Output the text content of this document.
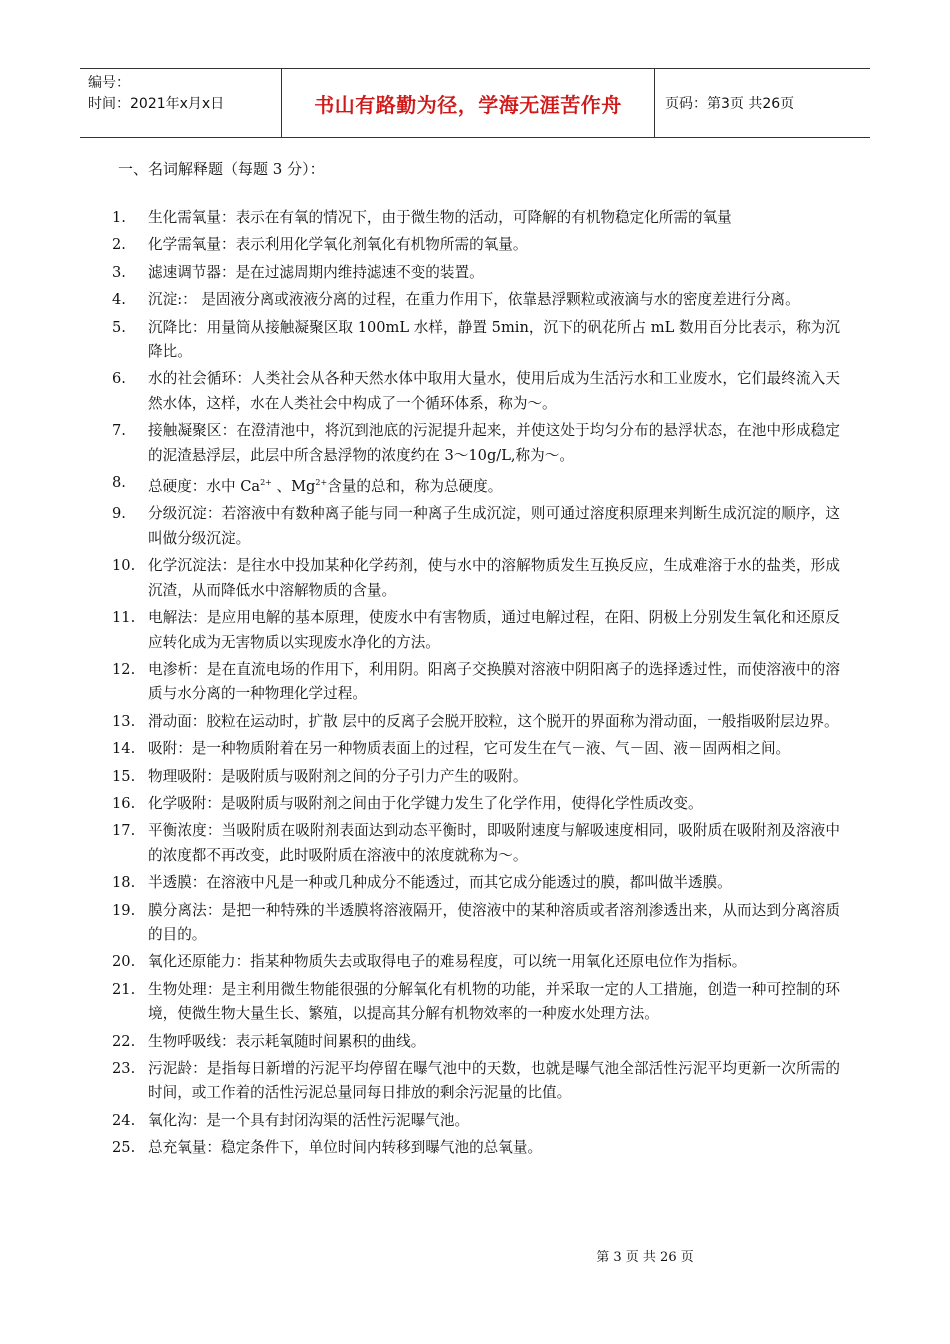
编号：
时间：2021年x月x日	书山有路勤为径，学海无涯苦作舟	页码：第3页 共26页
一、名词解释题（每题 3 分）：
1.	生化需氧量：表示在有氧的情况下，由于微生物的活动，可降解的有机物稳定化所需的氧量
2.	化学需氧量：表示利用化学氧化剂氧化有机物所需的氧量。
3.	滤速调节器：是在过滤周期内维持滤速不变的装置。
4.	沉淀:： 是固液分离或液液分离的过程，在重力作用下，依靠悬浮颗粒或液滴与水的密度差进行分离。
5.	沉降比：用量筒从接触凝聚区取 100mL 水样，静置 5min，沉下的矾花所占 mL 数用百分比表示，称为沉降比。
6.	水的社会循环：人类社会从各种天然水体中取用大量水，使用后成为生活污水和工业废水，它们最终流入天然水体，这样，水在人类社会中构成了一个循环体系，称为～。
7.	接触凝聚区：在澄清池中，将沉到池底的污泥提升起来，并使这处于均匀分布的悬浮状态，在池中形成稳定的泥渣悬浮层，此层中所含悬浮物的浓度约在 3～10g/L,称为～。
8.	总硬度：水中 $Ca^{2+}$ 、$Mg^{2+}$含量的总和，称为总硬度。
9.	分级沉淀：若溶液中有数种离子能与同一种离子生成沉淀，则可通过溶度积原理来判断生成沉淀的顺序，这叫做分级沉淀。
10. 化学沉淀法：是往水中投加某种化学药剂，使与水中的溶解物质发生互换反应，生成难溶于水的盐类，形成沉渣，从而降低水中溶解物质的含量。
11. 电解法：是应用电解的基本原理，使废水中有害物质，通过电解过程，在阳、阴极上分别发生氧化和还原反应转化成为无害物质以实现废水净化的方法。
12. 电渗析：是在直流电场的作用下，利用阴。阳离子交换膜对溶液中阴阳离子的选择透过性，而使溶液中的溶质与水分离的一种物理化学过程。
13. 滑动面：胶粒在运动时，扩散 层中的反离子会脱开胶粒，这个脱开的界面称为滑动面，一般指吸附层边界。
14. 吸附：是一种物质附着在另一种物质表面上的过程，它可发生在气－液、气－固、液－固两相之间。
15. 物理吸附：是吸附质与吸附剂之间的分子引力产生的吸附。
16. 化学吸附：是吸附质与吸附剂之间由于化学键力发生了化学作用，使得化学性质改变。
17. 平衡浓度：当吸附质在吸附剂表面达到动态平衡时，即吸附速度与解吸速度相同，吸附质在吸附剂及溶液中的浓度都不再改变，此时吸附质在溶液中的浓度就称为～。
18. 半透膜：在溶液中凡是一种或几种成分不能透过，而其它成分能透过的膜，都叫做半透膜。
19. 膜分离法：是把一种特殊的半透膜将溶液隔开，使溶液中的某种溶质或者溶剂渗透出来，从而达到分离溶质的目的。
20. 氧化还原能力：指某种物质失去或取得电子的难易程度，可以统一用氧化还原电位作为指标。
21. 生物处理：是主利用微生物能很强的分解氧化有机物的功能，并采取一定的人工措施，创造一种可控制的环境，使微生物大量生长、繁殖，以提高其分解有机物效率的一种废水处理方法。
22. 生物呼吸线：表示耗氧随时间累积的曲线。
23. 污泥龄：是指每日新增的污泥平均停留在曝气池中的天数，也就是曝气池全部活性污泥平均更新一次所需的时间，或工作着的活性污泥总量同每日排放的剩余污泥量的比值。
24. 氧化沟：是一个具有封闭沟渠的活性污泥曝气池。
25. 总充氧量：稳定条件下，单位时间内转移到曝气池的总氧量。
第 3 页 共 26 页
